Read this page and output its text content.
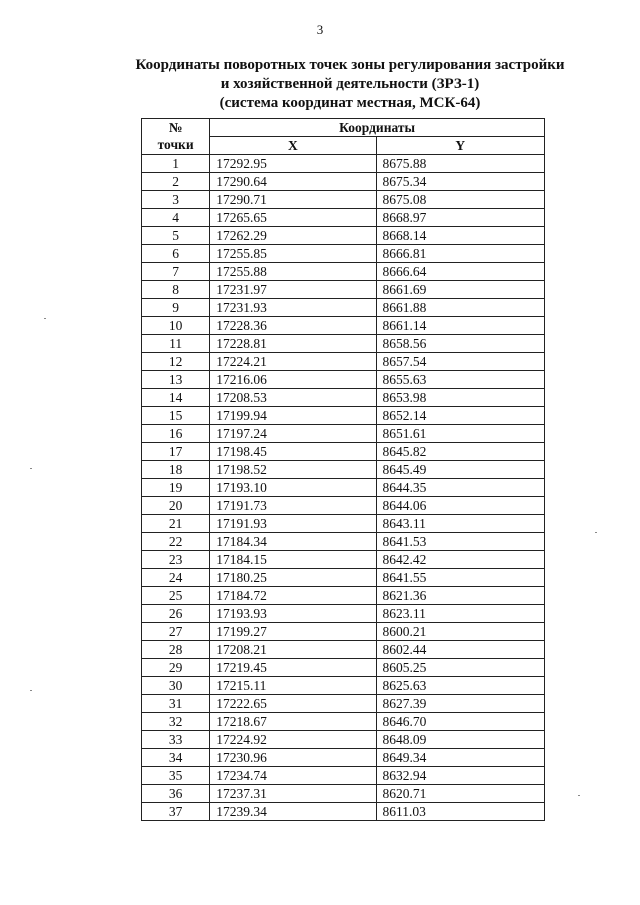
3
Координаты поворотных точек зоны регулирования застройки
и хозяйственной деятельности (ЗРЗ-1)
(система координат местная, МСК-64)
№	Координаты	
точки	X	Y
1	17292.95	8675.88
2	17290.64	8675.34
3	17290.71	8675.08
4	17265.65	8668.97
5	17262.29	8668.14
6	17255.85	8666.81
7	17255.88	8666.64
8	17231.97	8661.69
9	17231.93	8661.88
10	17228.36	8661.14
11	17228.81	8658.56
12	17224.21	8657.54
13	17216.06	8655.63
14	17208.53	8653.98
15	17199.94	8652.14
16	17197.24	8651.61
17	17198.45	8645.82
18	17198.52	8645.49
19	17193.10	8644.35
20	17191.73	8644.06
21	17191.93	8643.11
22	17184.34	8641.53
23	17184.15	8642.42
24	17180.25	8641.55
25	17184.72	8621.36
26	17193.93	8623.11
27	17199.27	8600.21
28	17208.21	8602.44
29	17219.45	8605.25
30	17215.11	8625.63
31	17222.65	8627.39
32	17218.67	8646.70
33	17224.92	8648.09
34	17230.96	8649.34
35	17234.74	8632.94
36	17237.31	8620.71
37	17239.34	8611.03
